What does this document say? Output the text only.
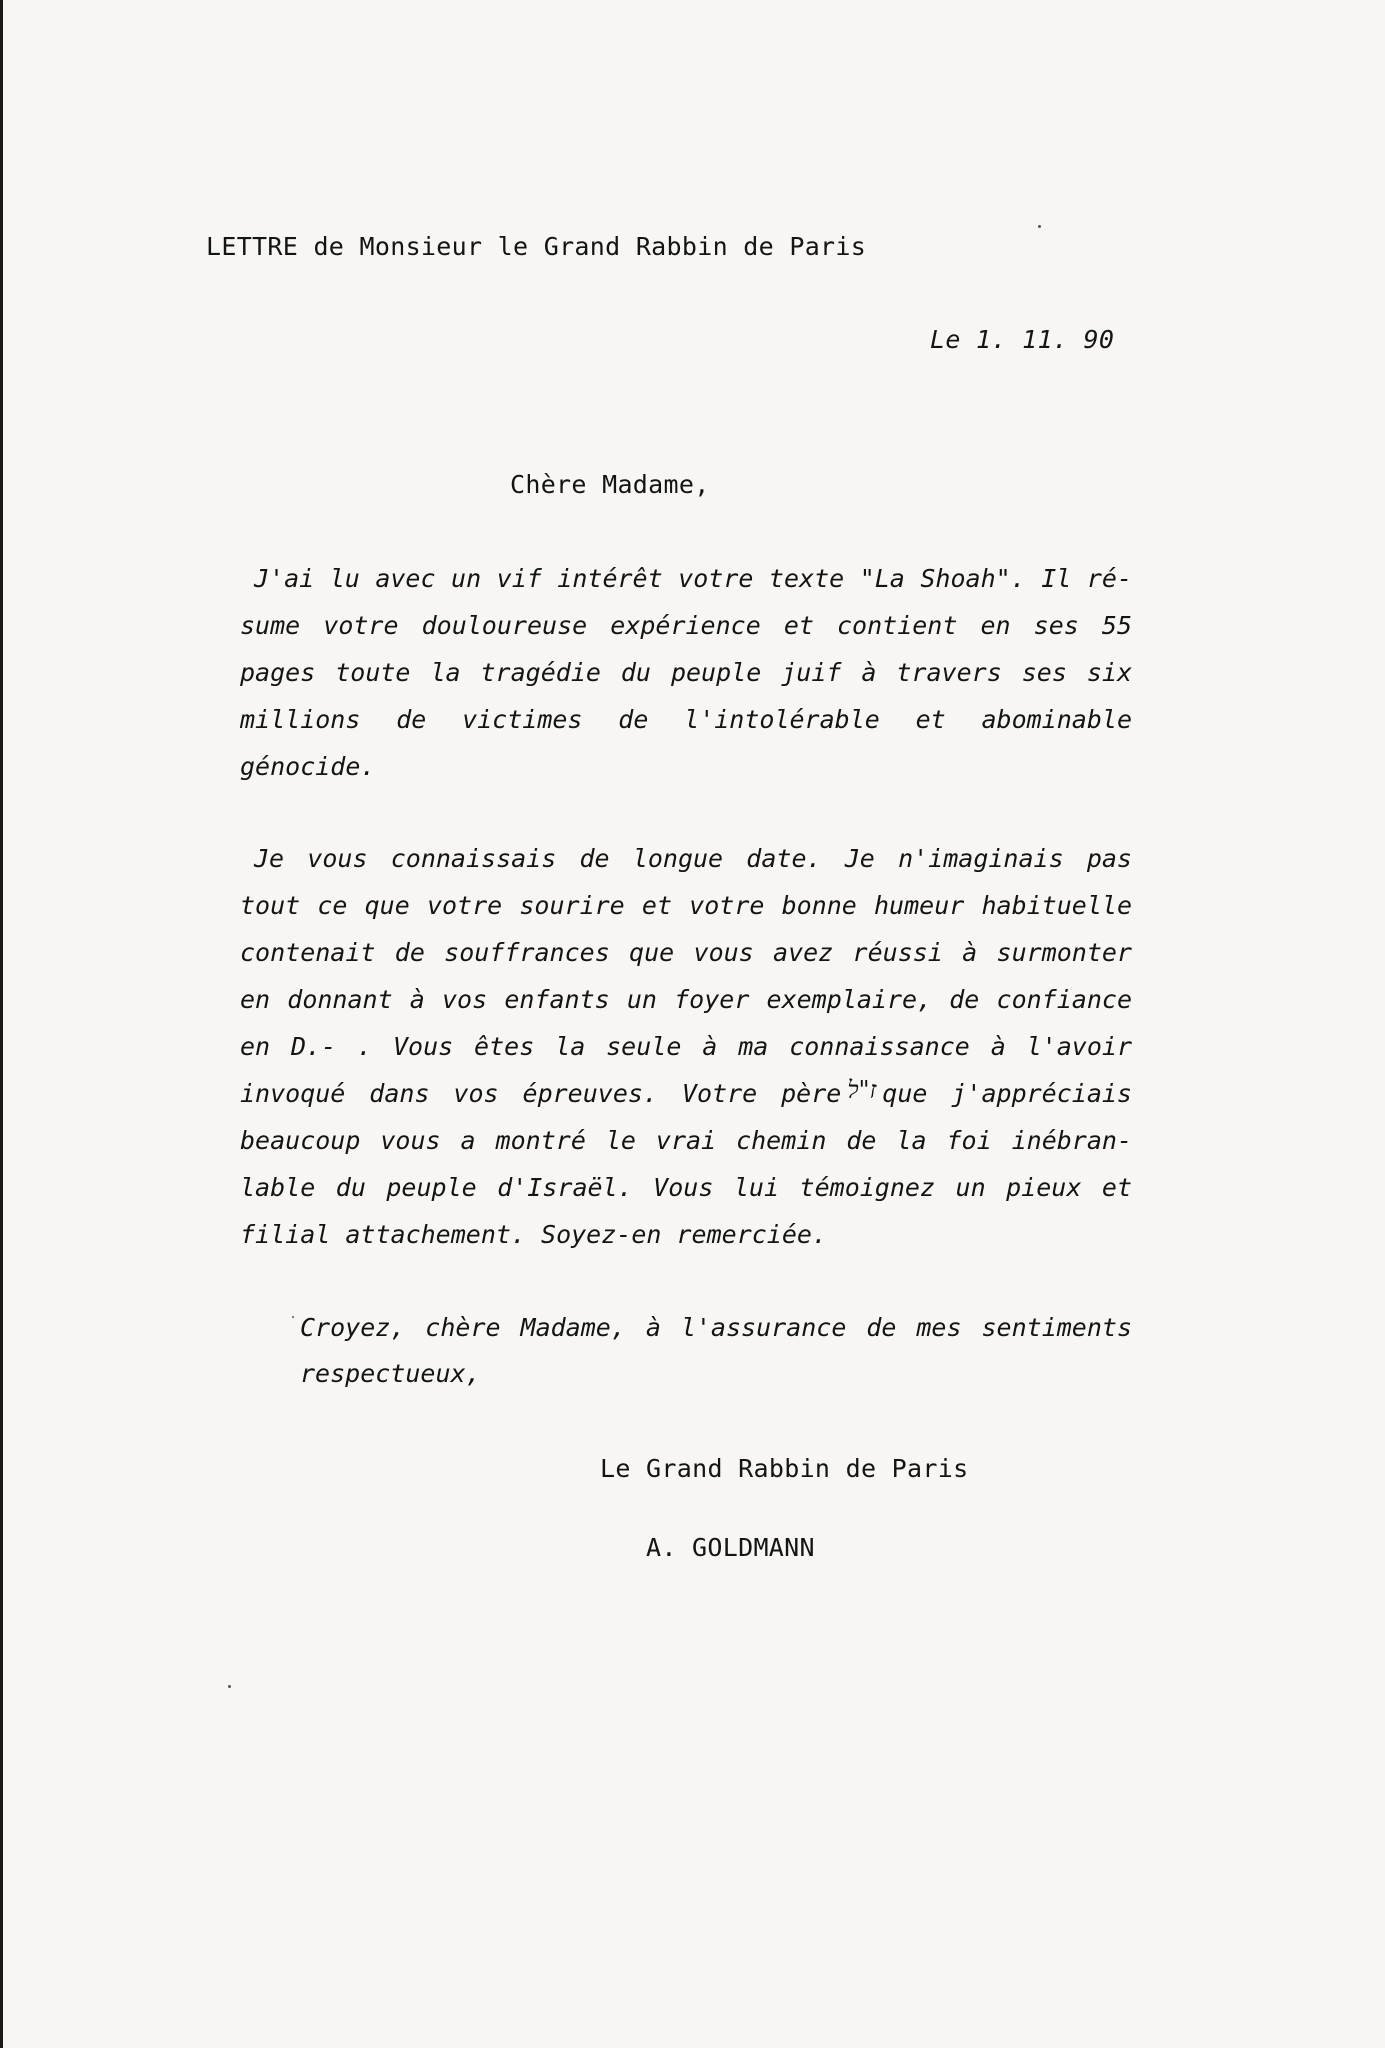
LETTRE de Monsieur le Grand Rabbin de Paris
Le 1. 11. 90
Chère Madame,
J'ai lu avec un vif intérêt votre texte "La Shoah". Il ré-
sume votre douloureuse expérience et contient en ses 55
pages toute la tragédie du peuple juif à travers ses six
millions de victimes de l'intolérable et abominable
génocide.
Je vous connaissais de longue date. Je n'imaginais pas
tout ce que votre sourire et votre bonne humeur habituelle
contenait de souffrances que vous avez réussi à surmonter
en donnant à vos enfants un foyer exemplaire, de confiance
en D.- . Vous êtes la seule à ma connaissance à l'avoir
invoqué dans vos épreuves. Votre père ז"ל que j'appréciais
beaucoup vous a montré le vrai chemin de la foi inébran-
lable du peuple d'Israël. Vous lui témoignez un pieux et
filial attachement. Soyez-en remerciée.
Croyez, chère Madame, à l'assurance de mes sentiments
respectueux,
Le Grand Rabbin de Paris
A. GOLDMANN
